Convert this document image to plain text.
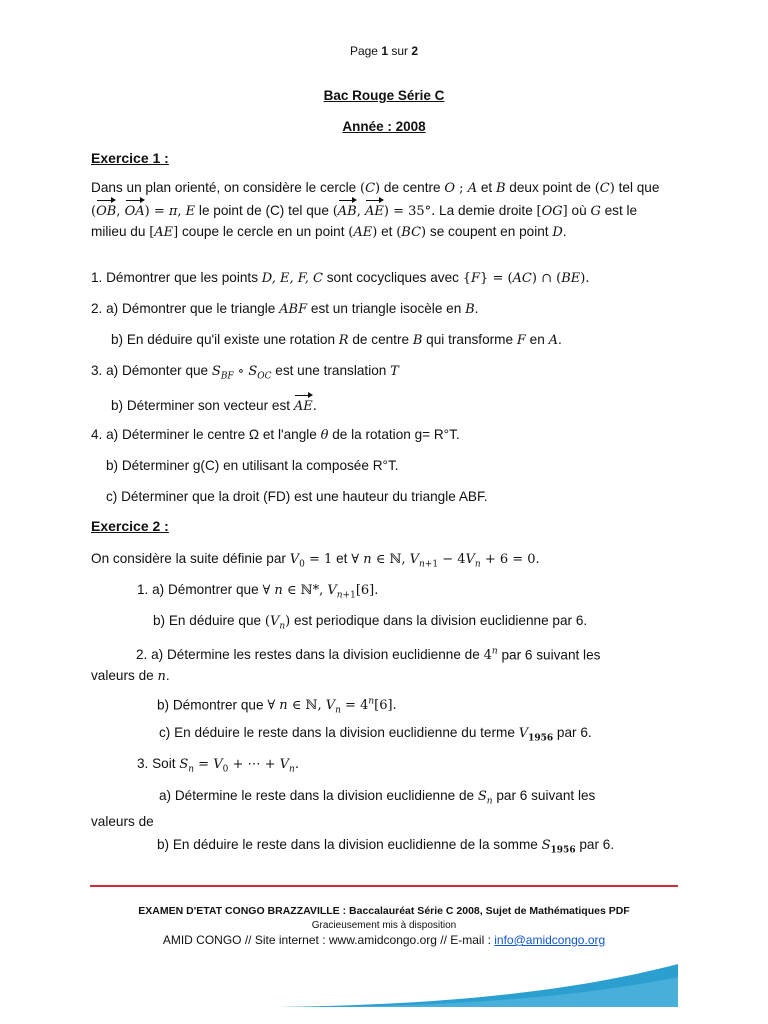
Page 1 sur 2
Bac Rouge Série C
Année : 2008
Exercice 1 :
Dans un plan orienté, on considère le cercle (C) de centre O ; A et B deux point de (C) tel que (OB, OA) = π, E le point de (C) tel que (AB, AE) = 35°. La demie droite [OG] où G est le milieu du [AE] coupe le cercle en un point (AE) et (BC) se coupent en point D.
1. Démontrer que les points D, E, F, C sont cocycliques avec {F} = (AC) ∩ (BE).
2. a) Démontrer que le triangle ABF est un triangle isocèle en B.
b) En déduire qu'il existe une rotation R de centre B qui transforme F en A.
3. a) Démonter que $S_{BF}$ ∘ $S_{OC}$ est une translation T
b) Déterminer son vecteur est AE.
4. a) Déterminer le centre Ω et l'angle θ de la rotation g= R°T.
b) Déterminer g(C) en utilisant la composée R°T.
c) Déterminer que la droit (FD) est une hauteur du triangle ABF.
Exercice 2 :
On considère la suite définie par $V_0 = 1$ et ∀ n ∈ ℕ, $V_{n+1} - 4V_n + 6 = 0$.
1. a) Démontrer que ∀ n ∈ ℕ*, $V_{n+1}[6]$.
b) En déduire que $(V_n)$ est periodique dans la division euclidienne par 6.
2. a) Détermine les restes dans la division euclidienne de 4$^n$ par 6 suivant les
valeurs de n.
b) Démontrer que ∀ n ∈ ℕ, $V_n = 4^n[6]$.
c) En déduire le reste dans la division euclidienne du terme $V_{1956}$ par 6.
3. Soit $S_n = V_0$ + ⋯ + $V_n$.
a) Détermine le reste dans la division euclidienne de $S_n$ par 6 suivant les
valeurs de
b) En déduire le reste dans la division euclidienne de la somme $S_{1956}$ par 6.
EXAMEN D'ETAT CONGO BRAZZAVILLE : Baccalauréat Série C 2008, Sujet de Mathématiques PDF
Gracieusement mis à disposition
AMID CONGO // Site internet : www.amidcongo.org // E-mail : info@amidcongo.org
